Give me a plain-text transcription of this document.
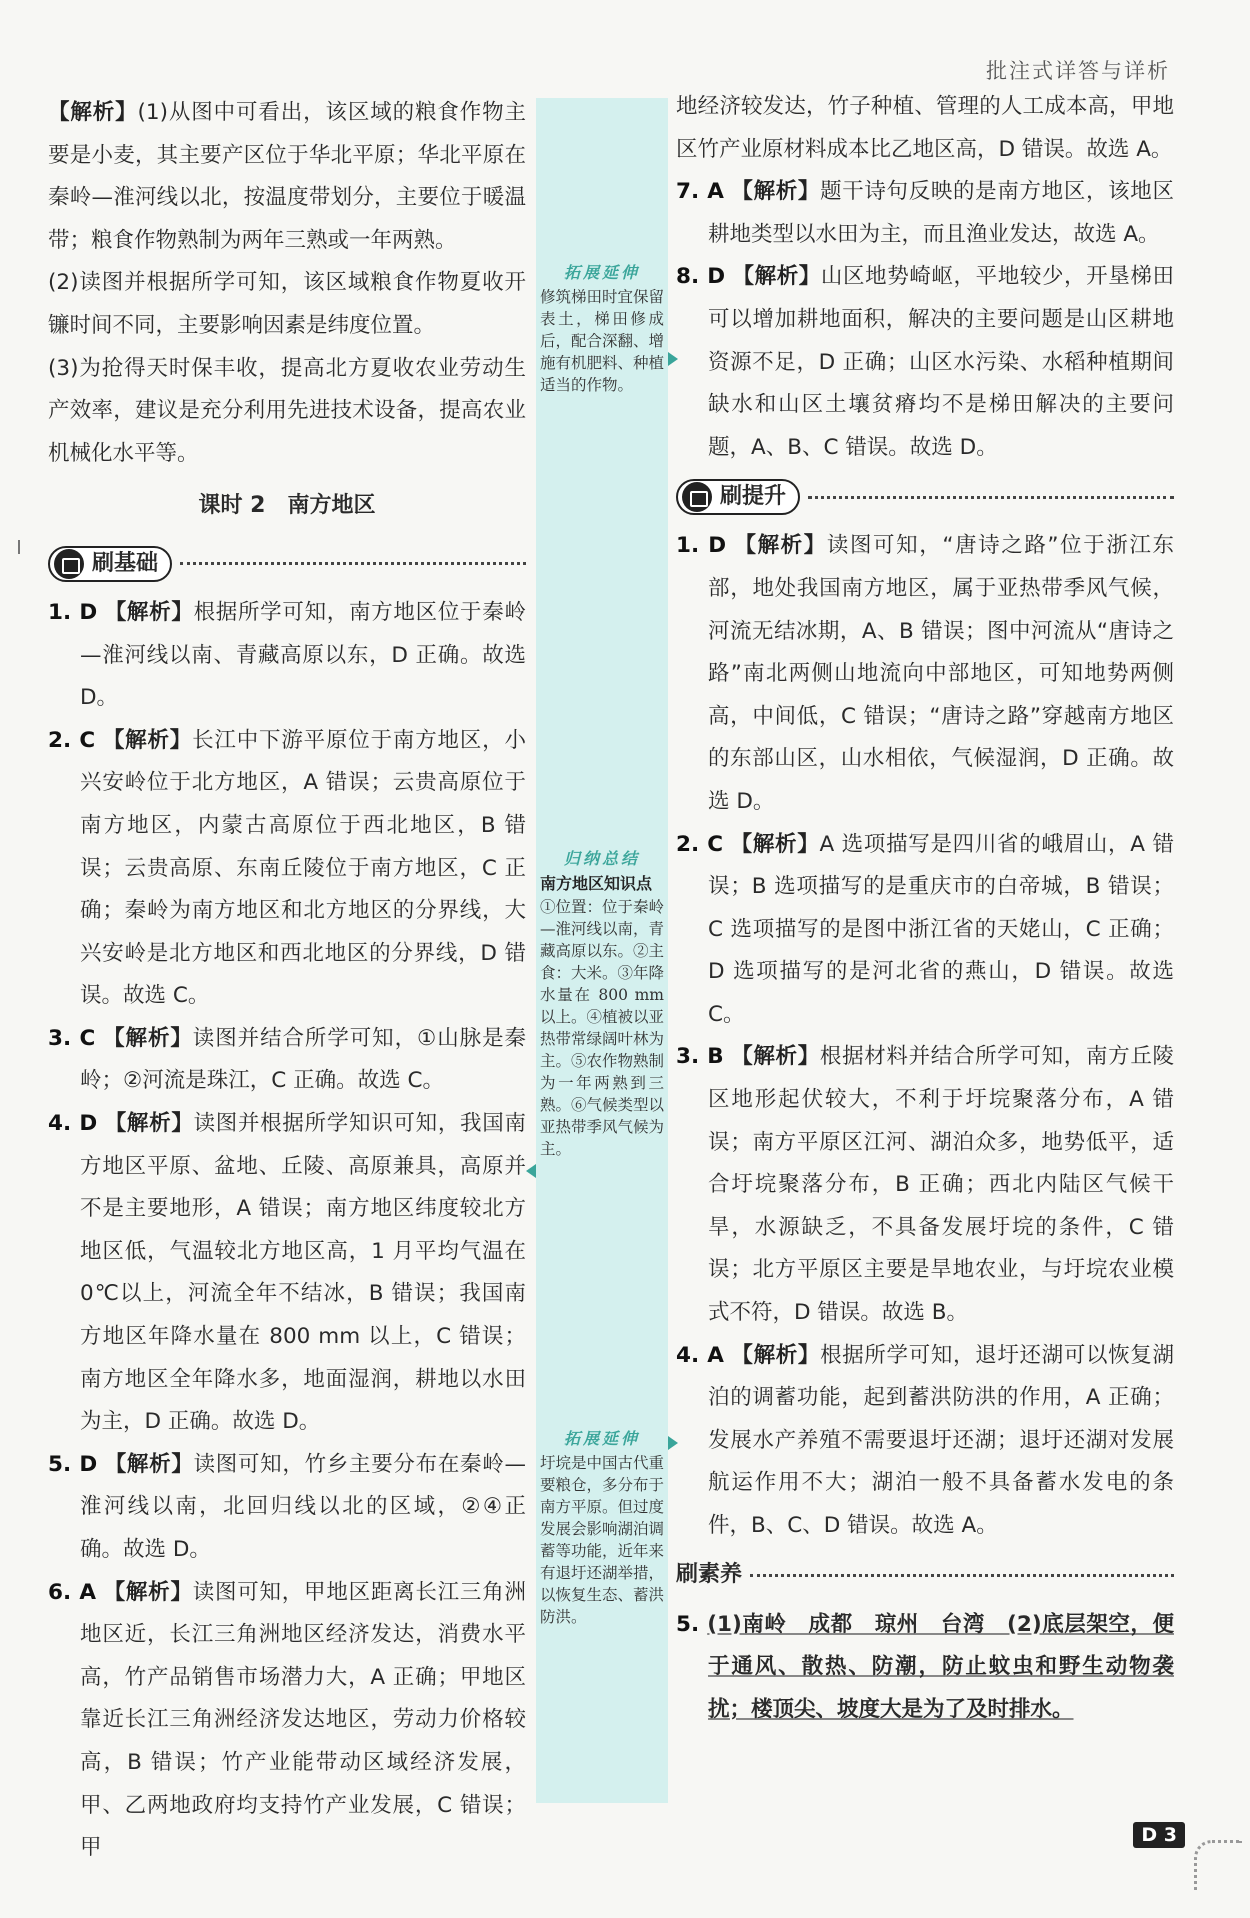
批注式详答与详析
拓展延伸
修筑梯田时宜保留表土，梯田修成后，配合深翻、增施有机肥料、种植适当的作物。
归纳总结
南方地区知识点
①位置：位于秦岭—淮河线以南，青藏高原以东。②主食：大米。③年降水量在 800 mm 以上。④植被以亚热带常绿阔叶林为主。⑤农作物熟制为一年两熟到三熟。⑥气候类型以亚热带季风气候为主。
拓展延伸
圩垸是中国古代重要粮仓，多分布于南方平原。但过度发展会影响湖泊调蓄等功能，近年来有退圩还湖举措，以恢复生态、蓄洪防洪。

【解析】(1)从图中可看出，该区域的粮食作物主要是小麦，其主要产区位于华北平原；华北平原在秦岭—淮河线以北，按温度带划分，主要位于暖温带；粮食作物熟制为两年三熟或一年两熟。

(2)读图并根据所学可知，该区域粮食作物夏收开镰时间不同，主要影响因素是纬度位置。

(3)为抢得天时保丰收，提高北方夏收农业劳动生产效率，建议是充分利用先进技术设备，提高农业机械化水平等。

课时 2　南方地区
刷基础

1. D 【解析】根据所学可知，南方地区位于秦岭—淮河线以南、青藏高原以东，D 正确。故选 D。

2. C 【解析】长江中下游平原位于南方地区，小兴安岭位于北方地区，A 错误；云贵高原位于南方地区，内蒙古高原位于西北地区，B 错误；云贵高原、东南丘陵位于南方地区，C 正确；秦岭为南方地区和北方地区的分界线，大兴安岭是北方地区和西北地区的分界线，D 错误。故选 C。

3. C 【解析】读图并结合所学可知，①山脉是秦岭；②河流是珠江，C 正确。故选 C。

4. D 【解析】读图并根据所学知识可知，我国南方地区平原、盆地、丘陵、高原兼具，高原并不是主要地形，A 错误；南方地区纬度较北方地区低，气温较北方地区高，1 月平均气温在 0℃以上，河流全年不结冰，B 错误；我国南方地区年降水量在 800 mm 以上，C 错误；南方地区全年降水多，地面湿润，耕地以水田为主，D 正确。故选 D。

5. D 【解析】读图可知，竹乡主要分布在秦岭—淮河线以南，北回归线以北的区域，②④正确。故选 D。

6. A 【解析】读图可知，甲地区距离长江三角洲地区近，长江三角洲地区经济发达，消费水平高，竹产品销售市场潜力大，A 正确；甲地区靠近长江三角洲经济发达地区，劳动力价格较高，B 错误；竹产业能带动区域经济发展，甲、乙两地政府均支持竹产业发展，C 错误；甲

地经济较发达，竹子种植、管理的人工成本高，甲地区竹产业原材料成本比乙地区高，D 错误。故选 A。

7. A 【解析】题干诗句反映的是南方地区，该地区耕地类型以水田为主，而且渔业发达，故选 A。

8. D 【解析】山区地势崎岖，平地较少，开垦梯田可以增加耕地面积，解决的主要问题是山区耕地资源不足，D 正确；山区水污染、水稻种植期间缺水和山区土壤贫瘠均不是梯田解决的主要问题，A、B、C 错误。故选 D。

刷提升

1. D 【解析】读图可知，“唐诗之路”位于浙江东部，地处我国南方地区，属于亚热带季风气候，河流无结冰期，A、B 错误；图中河流从“唐诗之路”南北两侧山地流向中部地区，可知地势两侧高，中间低，C 错误；“唐诗之路”穿越南方地区的东部山区，山水相依，气候湿润，D 正确。故选 D。

2. C 【解析】A 选项描写是四川省的峨眉山，A 错误；B 选项描写的是重庆市的白帝城，B 错误；C 选项描写的是图中浙江省的天姥山，C 正确；D 选项描写的是河北省的燕山，D 错误。故选 C。

3. B 【解析】根据材料并结合所学可知，南方丘陵区地形起伏较大，不利于圩垸聚落分布，A 错误；南方平原区江河、湖泊众多，地势低平，适合圩垸聚落分布，B 正确；西北内陆区气候干旱，水源缺乏，不具备发展圩垸的条件，C 错误；北方平原区主要是旱地农业，与圩垸农业模式不符，D 错误。故选 B。

4. A 【解析】根据所学可知，退圩还湖可以恢复湖泊的调蓄功能，起到蓄洪防洪的作用，A 正确；发展水产养殖不需要退圩还湖；退圩还湖对发展航运作用不大；湖泊一般不具备蓄水发电的条件，B、C、D 错误。故选 A。

刷素养

5. (1)南岭　成都　琼州　台湾　(2)底层架空，便于通风、散热、防潮，防止蚊虫和野生动物袭扰；楼顶尖、坡度大是为了及时排水。

D 3
